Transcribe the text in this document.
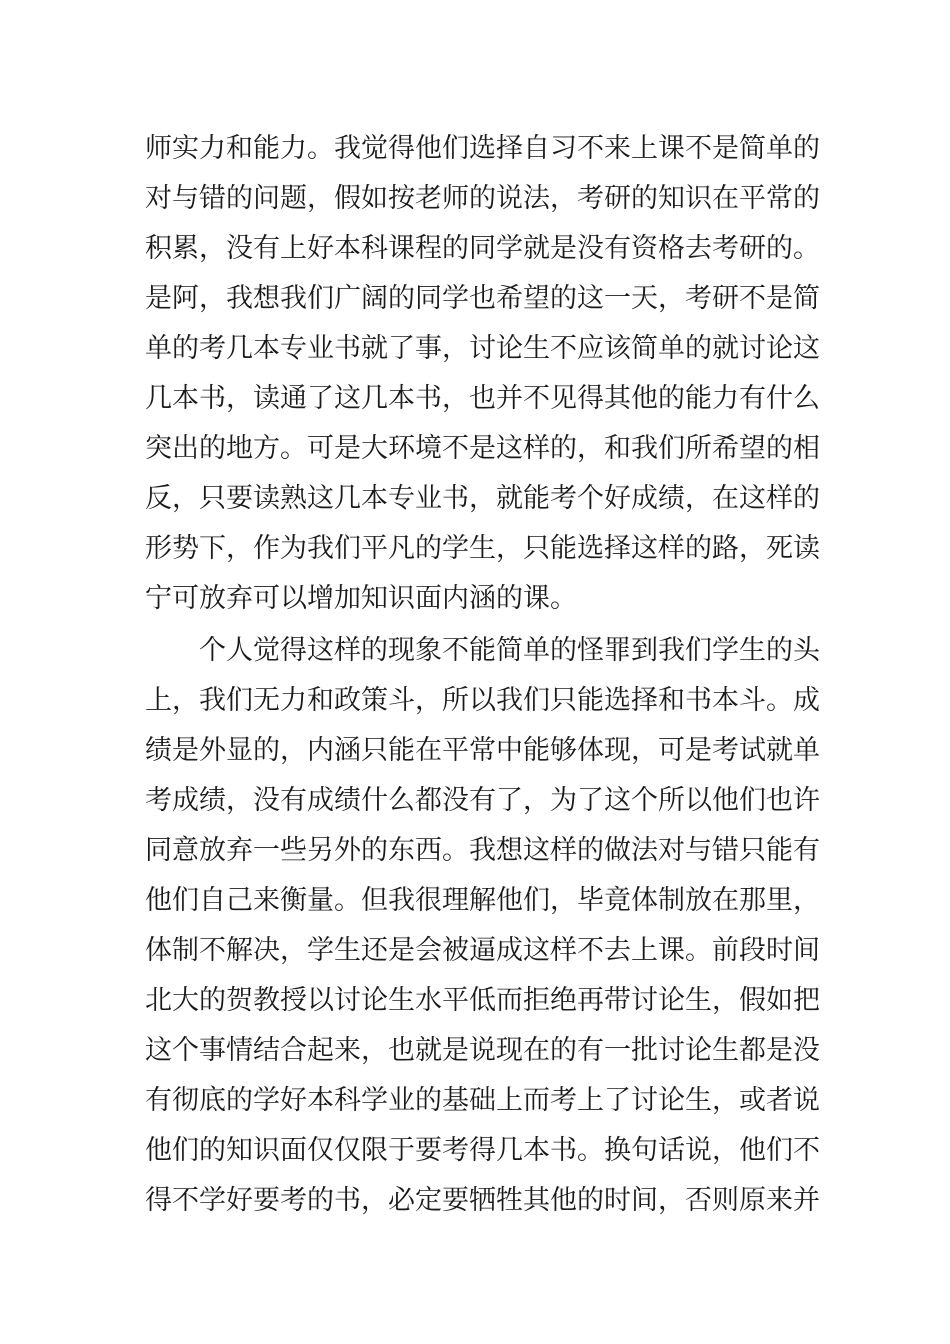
师实力和能力。我觉得他们选择自习不来上课不是简单的
对与错的问题，假如按老师的说法，考研的知识在平常的
积累，没有上好本科课程的同学就是没有资格去考研的。
是阿，我想我们广阔的同学也希望的这一天，考研不是简
单的考几本专业书就了事，讨论生不应该简单的就讨论这
几本书，读通了这几本书，也并不见得其他的能力有什么
突出的地方。可是大环境不是这样的，和我们所希望的相
反，只要读熟这几本专业书，就能考个好成绩，在这样的
形势下，作为我们平凡的学生，只能选择这样的路，死读
宁可放弃可以增加知识面内涵的课。
个人觉得这样的现象不能简单的怪罪到我们学生的头
上，我们无力和政策斗，所以我们只能选择和书本斗。成
绩是外显的，内涵只能在平常中能够体现，可是考试就单
考成绩，没有成绩什么都没有了，为了这个所以他们也许
同意放弃一些另外的东西。我想这样的做法对与错只能有
他们自己来衡量。但我很理解他们，毕竟体制放在那里，
体制不解决，学生还是会被逼成这样不去上课。前段时间
北大的贺教授以讨论生水平低而拒绝再带讨论生，假如把
这个事情结合起来，也就是说现在的有一批讨论生都是没
有彻底的学好本科学业的基础上而考上了讨论生，或者说
他们的知识面仅仅限于要考得几本书。换句话说，他们不
得不学好要考的书，必定要牺牲其他的时间，否则原来并
